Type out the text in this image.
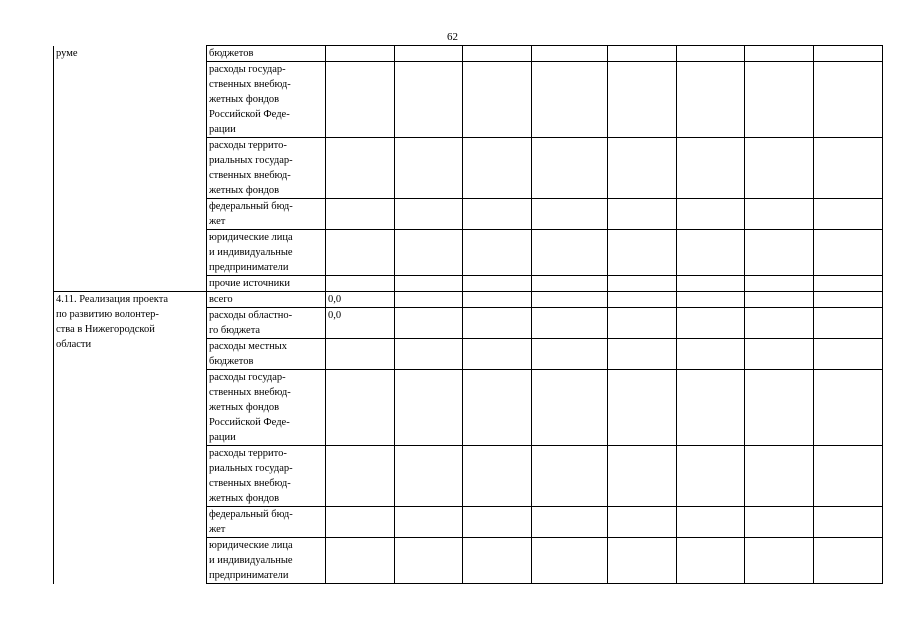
62
руме	бюджетов								

	расходы государ-
ственных внебюд-
жетных фондов
Российской Феде-
рации								

	расходы террито-
риальных государ-
ственных внебюд-
жетных фондов								

	федеральный бюд-
жет								

	юридические лица
и индивидуальные
предприниматели								

	прочие источники								

4.11. Реализация проекта
по развитию волонтер-
ства в Нижегородской
области	всего	0,0							

	расходы областно-
го бюджета	0,0							

	расходы местных
бюджетов								

	расходы государ-
ственных внебюд-
жетных фондов
Российской Феде-
рации								

	расходы террито-
риальных государ-
ственных внебюд-
жетных фондов								

	федеральный бюд-
жет								

	юридические лица
и индивидуальные
предприниматели								
